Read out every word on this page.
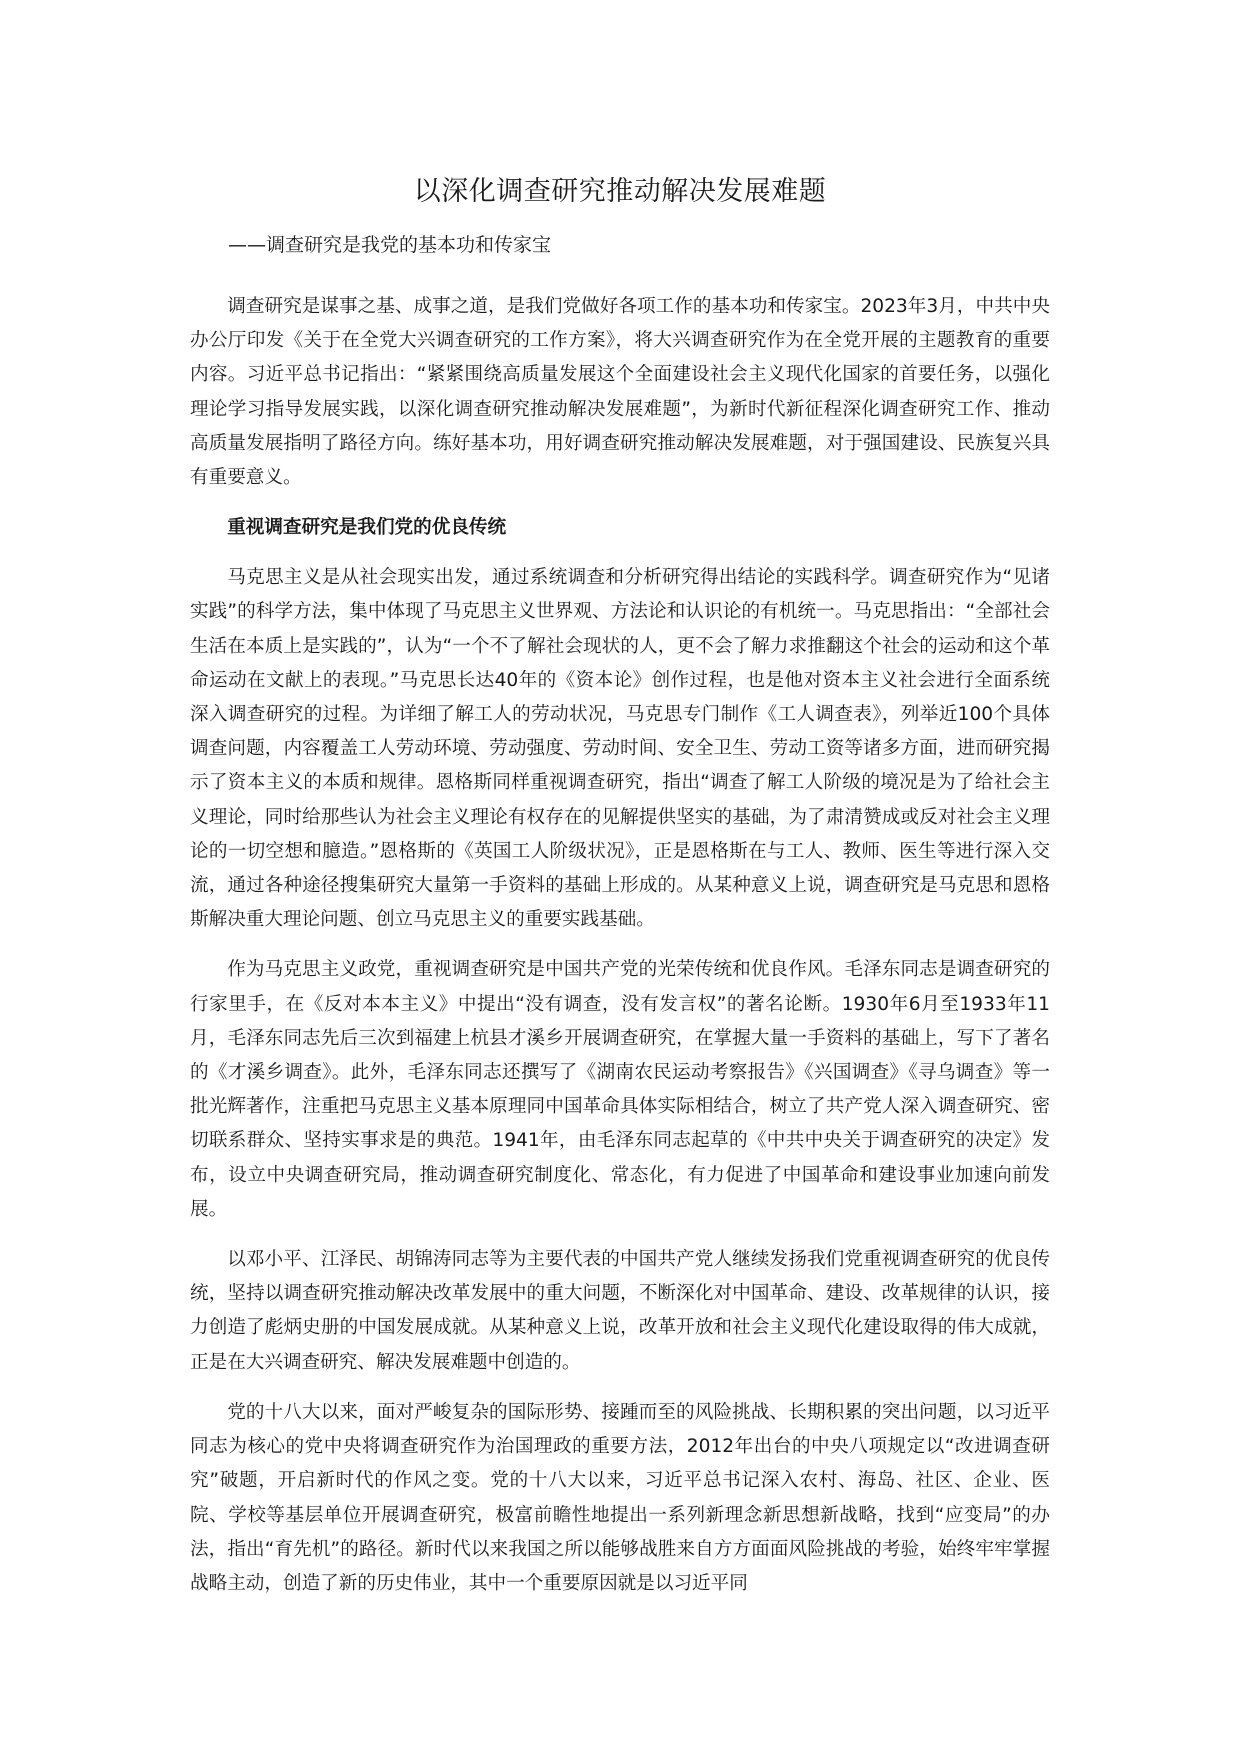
以深化调查研究推动解决发展难题
——调查研究是我党的基本功和传家宝

调查研究是谋事之基、成事之道，是我们党做好各项工作的基本功和传家宝。2023年3月，中共中央办公厅印发《关于在全党大兴调查研究的工作方案》，将大兴调查研究作为在全党开展的主题教育的重要内容。习近平总书记指出：“紧紧围绕高质量发展这个全面建设社会主义现代化国家的首要任务，以强化理论学习指导发展实践，以深化调查研究推动解决发展难题”，为新时代新征程深化调查研究工作、推动高质量发展指明了路径方向。练好基本功，用好调查研究推动解决发展难题，对于强国建设、民族复兴具有重要意义。

重视调查研究是我们党的优良传统

马克思主义是从社会现实出发，通过系统调查和分析研究得出结论的实践科学。调查研究作为“见诸实践”的科学方法，集中体现了马克思主义世界观、方法论和认识论的有机统一。马克思指出：“全部社会生活在本质上是实践的”，认为“一个不了解社会现状的人，更不会了解力求推翻这个社会的运动和这个革命运动在文献上的表现。”马克思长达40年的《资本论》创作过程，也是他对资本主义社会进行全面系统深入调查研究的过程。为详细了解工人的劳动状况，马克思专门制作《工人调查表》，列举近100个具体调查问题，内容覆盖工人劳动环境、劳动强度、劳动时间、安全卫生、劳动工资等诸多方面，进而研究揭示了资本主义的本质和规律。恩格斯同样重视调查研究，指出“调查了解工人阶级的境况是为了给社会主义理论，同时给那些认为社会主义理论有权存在的见解提供坚实的基础，为了肃清赞成或反对社会主义理论的一切空想和臆造。”恩格斯的《英国工人阶级状况》，正是恩格斯在与工人、教师、医生等进行深入交流，通过各种途径搜集研究大量第一手资料的基础上形成的。从某种意义上说，调查研究是马克思和恩格斯解决重大理论问题、创立马克思主义的重要实践基础。

作为马克思主义政党，重视调查研究是中国共产党的光荣传统和优良作风。毛泽东同志是调查研究的行家里手，在《反对本本主义》中提出“没有调查，没有发言权”的著名论断。1930年6月至1933年11月，毛泽东同志先后三次到福建上杭县才溪乡开展调查研究，在掌握大量一手资料的基础上，写下了著名的《才溪乡调查》。此外，毛泽东同志还撰写了《湖南农民运动考察报告》《兴国调查》《寻乌调查》等一批光辉著作，注重把马克思主义基本原理同中国革命具体实际相结合，树立了共产党人深入调查研究、密切联系群众、坚持实事求是的典范。1941年，由毛泽东同志起草的《中共中央关于调查研究的决定》发布，设立中央调查研究局，推动调查研究制度化、常态化，有力促进了中国革命和建设事业加速向前发展。

以邓小平、江泽民、胡锦涛同志等为主要代表的中国共产党人继续发扬我们党重视调查研究的优良传统，坚持以调查研究推动解决改革发展中的重大问题，不断深化对中国革命、建设、改革规律的认识，接力创造了彪炳史册的中国发展成就。从某种意义上说，改革开放和社会主义现代化建设取得的伟大成就，正是在大兴调查研究、解决发展难题中创造的。

党的十八大以来，面对严峻复杂的国际形势、接踵而至的风险挑战、长期积累的突出问题，以习近平同志为核心的党中央将调查研究作为治国理政的重要方法，2012年出台的中央八项规定以“改进调查研究”破题，开启新时代的作风之变。党的十八大以来，习近平总书记深入农村、海岛、社区、企业、医院、学校等基层单位开展调查研究，极富前瞻性地提出一系列新理念新思想新战略，找到“应变局”的办法，指出“育先机”的路径。新时代以来我国之所以能够战胜来自方方面面风险挑战的考验，始终牢牢掌握战略主动，创造了新的历史伟业，其中一个重要原因就是以习近平同
